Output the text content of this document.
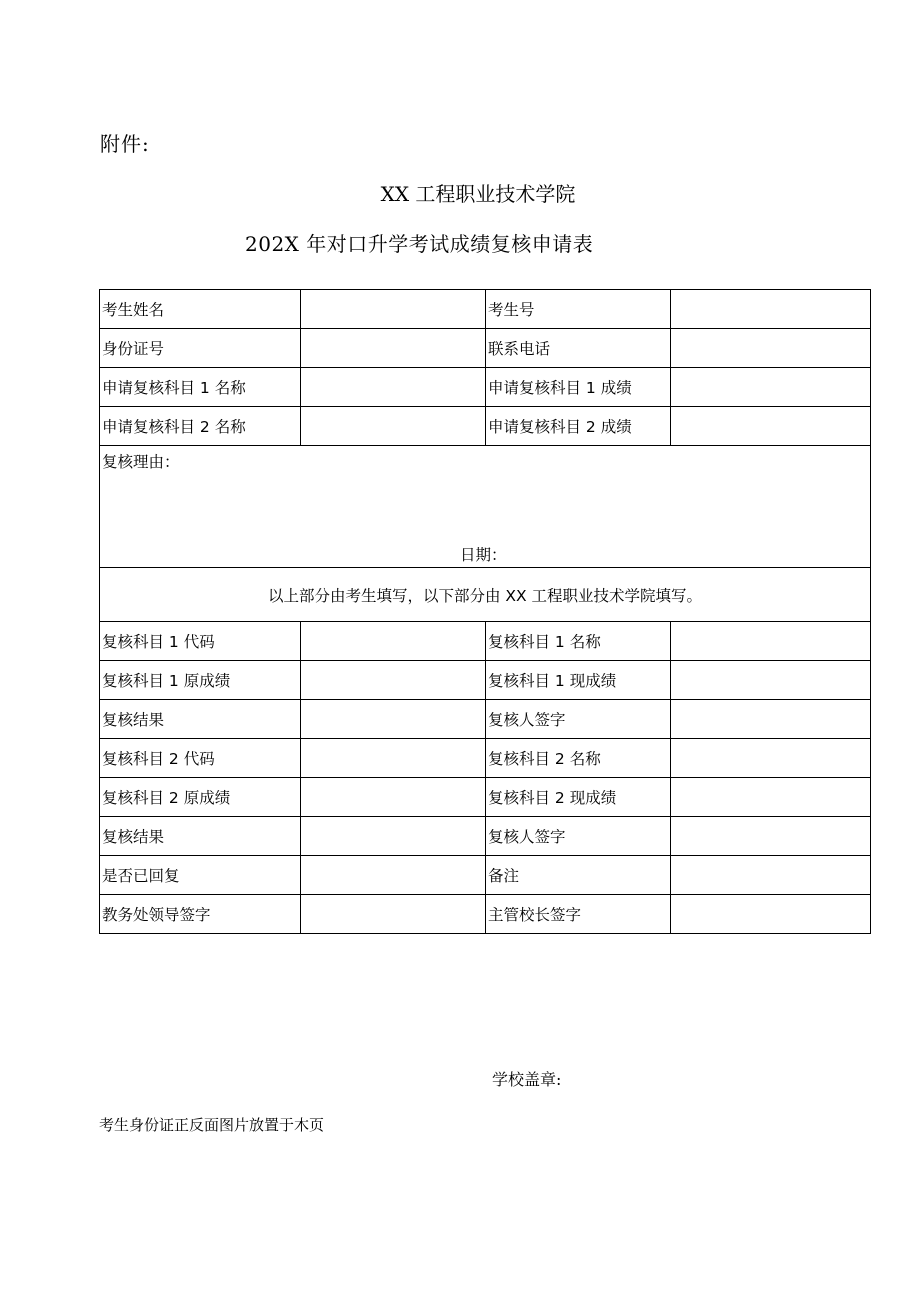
附件:
XX 工程职业技术学院
202X 年对口升学考试成绩复核申请表
考生姓名		考生号	
身份证号		联系电话	
申请复核科目 1 名称		申请复核科目 1 成绩	
申请复核科目 2 名称		申请复核科目 2 成绩	

复核理由：
日期：			

以上部分由考生填写，以下部分由 XX 工程职业技术学院填写。			
复核科目 1 代码		复核科目 1 名称	
复核科目 1 原成绩		复核科目 1 现成绩	
复核结果		复核人签字	
复核科目 2 代码		复核科目 2 名称	
复核科目 2 原成绩		复核科目 2 现成绩	
复核结果		复核人签字	
是否已回复		备注	
教务处领导签字		主管校长签字	
学校盖章:
考生身份证正反面图片放置于木页
